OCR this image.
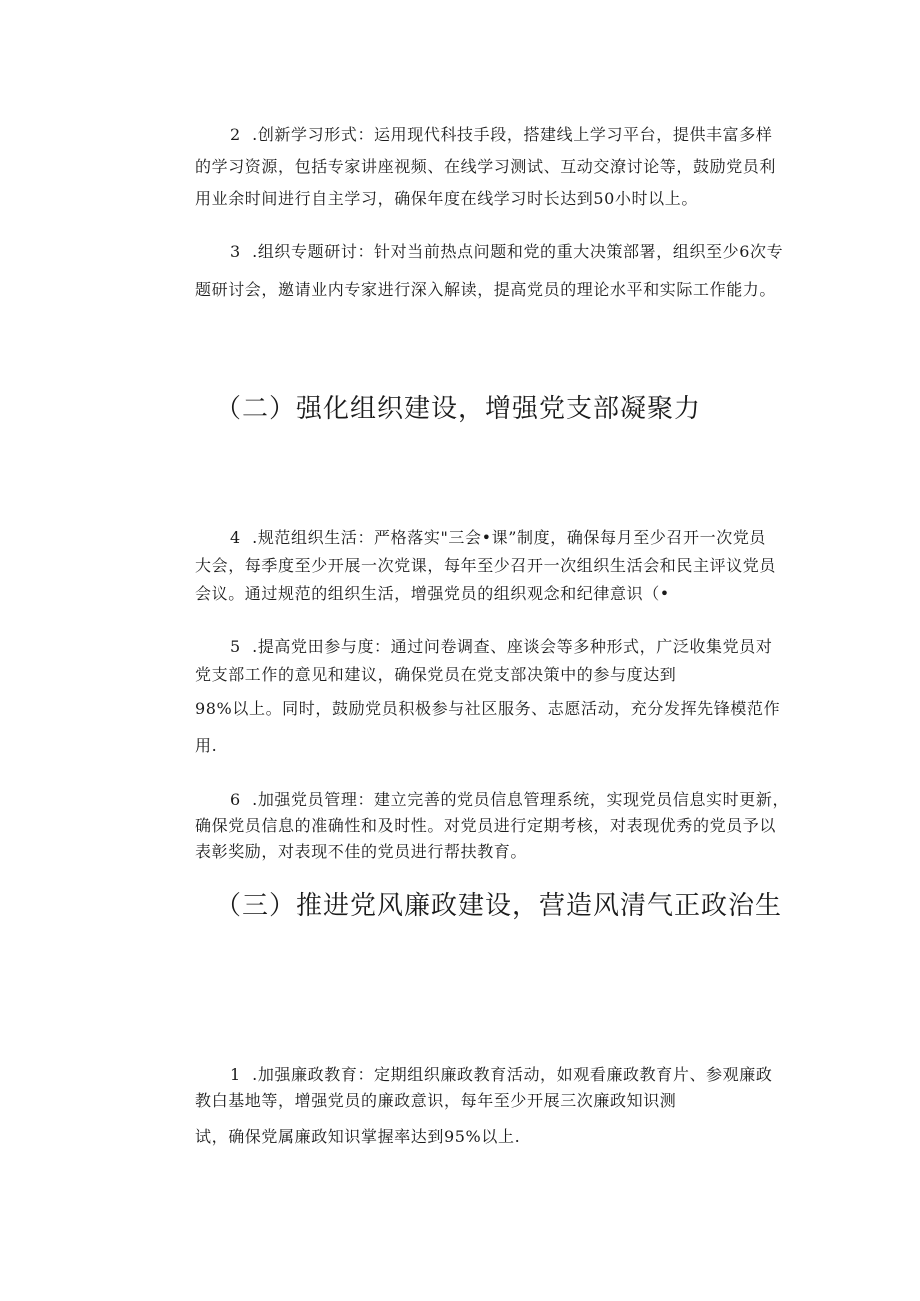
2  .创新学习形式：运用现代科技手段，搭建线上学习平台，提供丰富多样

的学习资源，包括专家讲座视频、在线学习测试、互动交潦讨论等，鼓励党员利

用业余时间进行自主学习，确保年度在线学习时长达到50小时以上。

3  .组织专题研讨：针对当前热点问题和党的重大决策部署，组织至少6次专

题研讨会，邀请业内专家进行深入解读，提高党员的理论水平和实际工作能力。

（二）强化组织建设，增强党支部凝聚力

4  .规范组织生活：严格落实"三会•课”制度，确保每月至少召开一次党员

大会，每季度至少开展一次党课，每年至少召开一次组织生活会和民主评议党员

会议。通过规范的组织生活，增强党员的组织观念和纪律意识（•

5  .提高党田参与度：通过问卷调查、座谈会等多种形式，广泛收集党员对

党支部工作的意见和建议，确保党员在党支部决策中的参与度达到

98%以上。同时，鼓励党员积极参与社区服务、志愿活动，充分发挥先锋模范作

用.

6  .加强党员管理：建立完善的党员信息管理系统，实现党员信息实时更新，

确保党员信息的准确性和及时性。对党员进行定期考核，对表现优秀的党员予以

表彰奖励，对表现不佳的党员进行帮扶教育。

（三）推进党风廉政建设，营造风清气正政治生

1  .加强廉政教育：定期组织廉政教育活动，如观看廉政教育片、参观廉政

教白基地等，增强党员的廉政意识，每年至少开展三次廉政知识测

试，确保党属廉政知识掌握率达到95%以上.
